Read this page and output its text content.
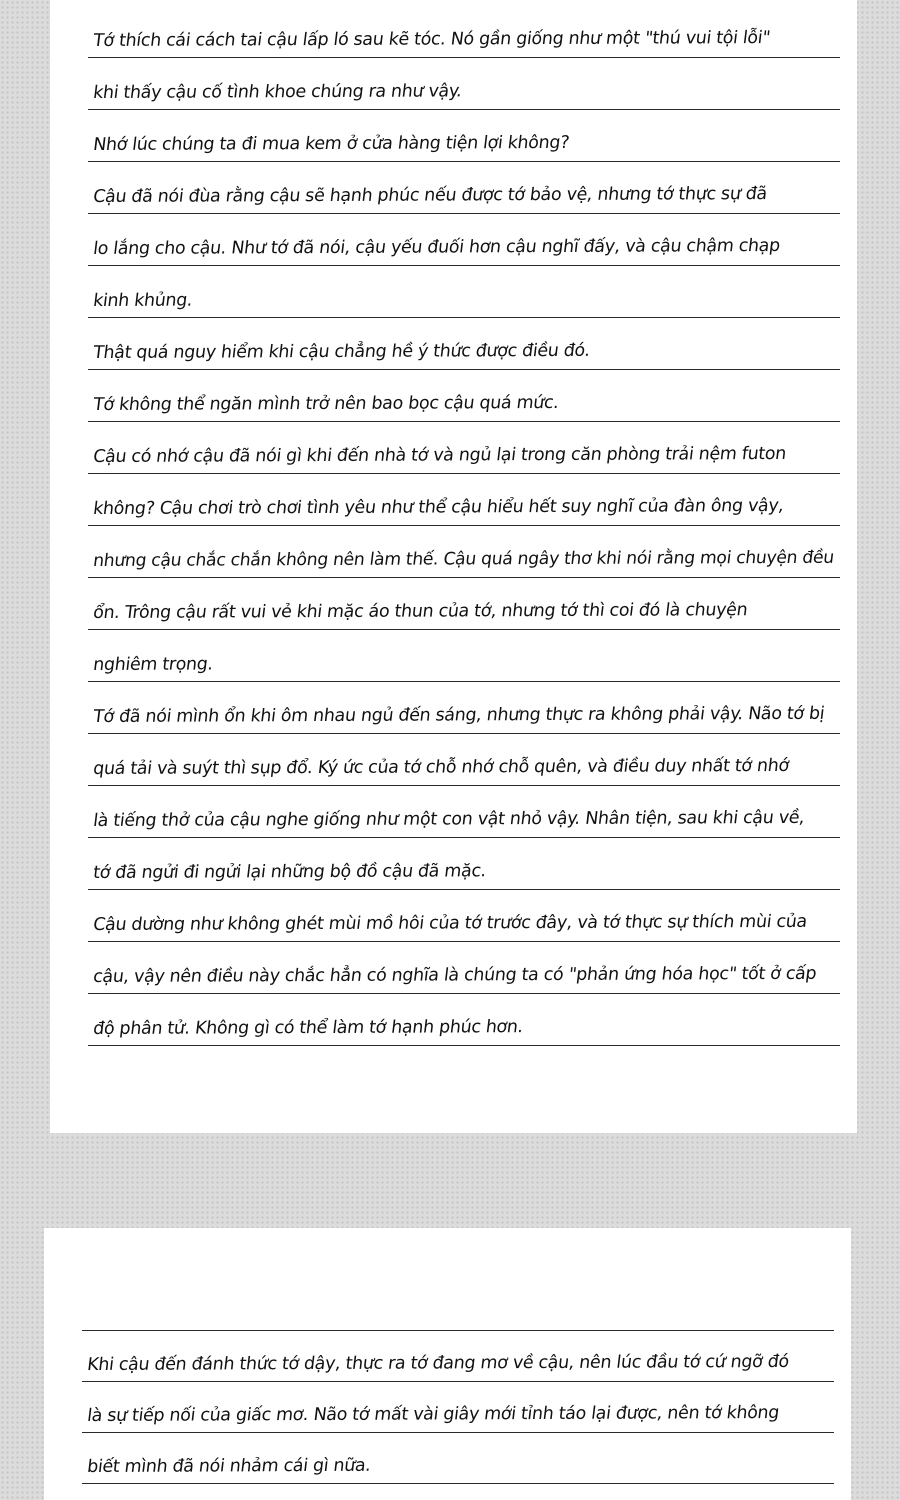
Tớ thích cái cách tai cậu lấp ló sau kẽ tóc. Nó gần giống như một "thú vui tội lỗi"
khi thấy cậu cố tình khoe chúng ra như vậy.
Nhớ lúc chúng ta đi mua kem ở cửa hàng tiện lợi không?
Cậu đã nói đùa rằng cậu sẽ hạnh phúc nếu được tớ bảo vệ, nhưng tớ thực sự đã
lo lắng cho cậu. Như tớ đã nói, cậu yếu đuối hơn cậu nghĩ đấy, và cậu chậm chạp
kinh khủng.
Thật quá nguy hiểm khi cậu chẳng hề ý thức được điều đó.
Tớ không thể ngăn mình trở nên bao bọc cậu quá mức.
Cậu có nhớ cậu đã nói gì khi đến nhà tớ và ngủ lại trong căn phòng trải nệm futon
không? Cậu chơi trò chơi tình yêu như thể cậu hiểu hết suy nghĩ của đàn ông vậy,
nhưng cậu chắc chắn không nên làm thế. Cậu quá ngây thơ khi nói rằng mọi chuyện đều
ổn. Trông cậu rất vui vẻ khi mặc áo thun của tớ, nhưng tớ thì coi đó là chuyện
nghiêm trọng.
Tớ đã nói mình ổn khi ôm nhau ngủ đến sáng, nhưng thực ra không phải vậy. Não tớ bị
quá tải và suýt thì sụp đổ. Ký ức của tớ chỗ nhớ chỗ quên, và điều duy nhất tớ nhớ
là tiếng thở của cậu nghe giống như một con vật nhỏ vậy. Nhân tiện, sau khi cậu về,
tớ đã ngửi đi ngửi lại những bộ đồ cậu đã mặc.
Cậu dường như không ghét mùi mồ hôi của tớ trước đây, và tớ thực sự thích mùi của
cậu, vậy nên điều này chắc hẳn có nghĩa là chúng ta có "phản ứng hóa học" tốt ở cấp
độ phân tử. Không gì có thể làm tớ hạnh phúc hơn.
Khi cậu đến đánh thức tớ dậy, thực ra tớ đang mơ về cậu, nên lúc đầu tớ cứ ngỡ đó
là sự tiếp nối của giấc mơ. Não tớ mất vài giây mới tỉnh táo lại được, nên tớ không
biết mình đã nói nhảm cái gì nữa.
